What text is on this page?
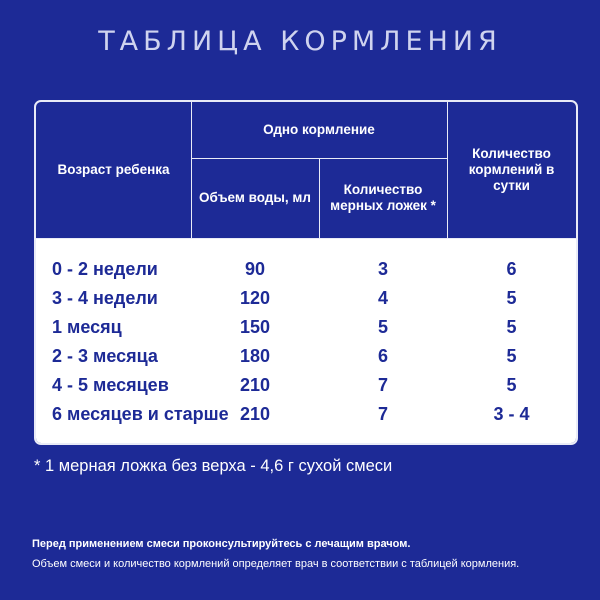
ТАБЛИЦА КОРМЛЕНИЯ
Возраст ребенка
Одно кормление
Объем воды, мл
Количество мерных ложек *
Количество кормлений в сутки
0 - 2 недели	90	3	6
3 - 4 недели	120	4	5
1 месяц	150	5	5
2 - 3 месяца	180	6	5
4 - 5 месяцев	210	7	5
6 месяцев и старше 210	7	3 - 4
* 1 мерная ложка без верха - 4,6 г сухой смеси
Перед применением смеси проконсультируйтесь с лечащим врачом.
Объем смеси и количество кормлений определяет врач в соответствии с таблицей кормления.
